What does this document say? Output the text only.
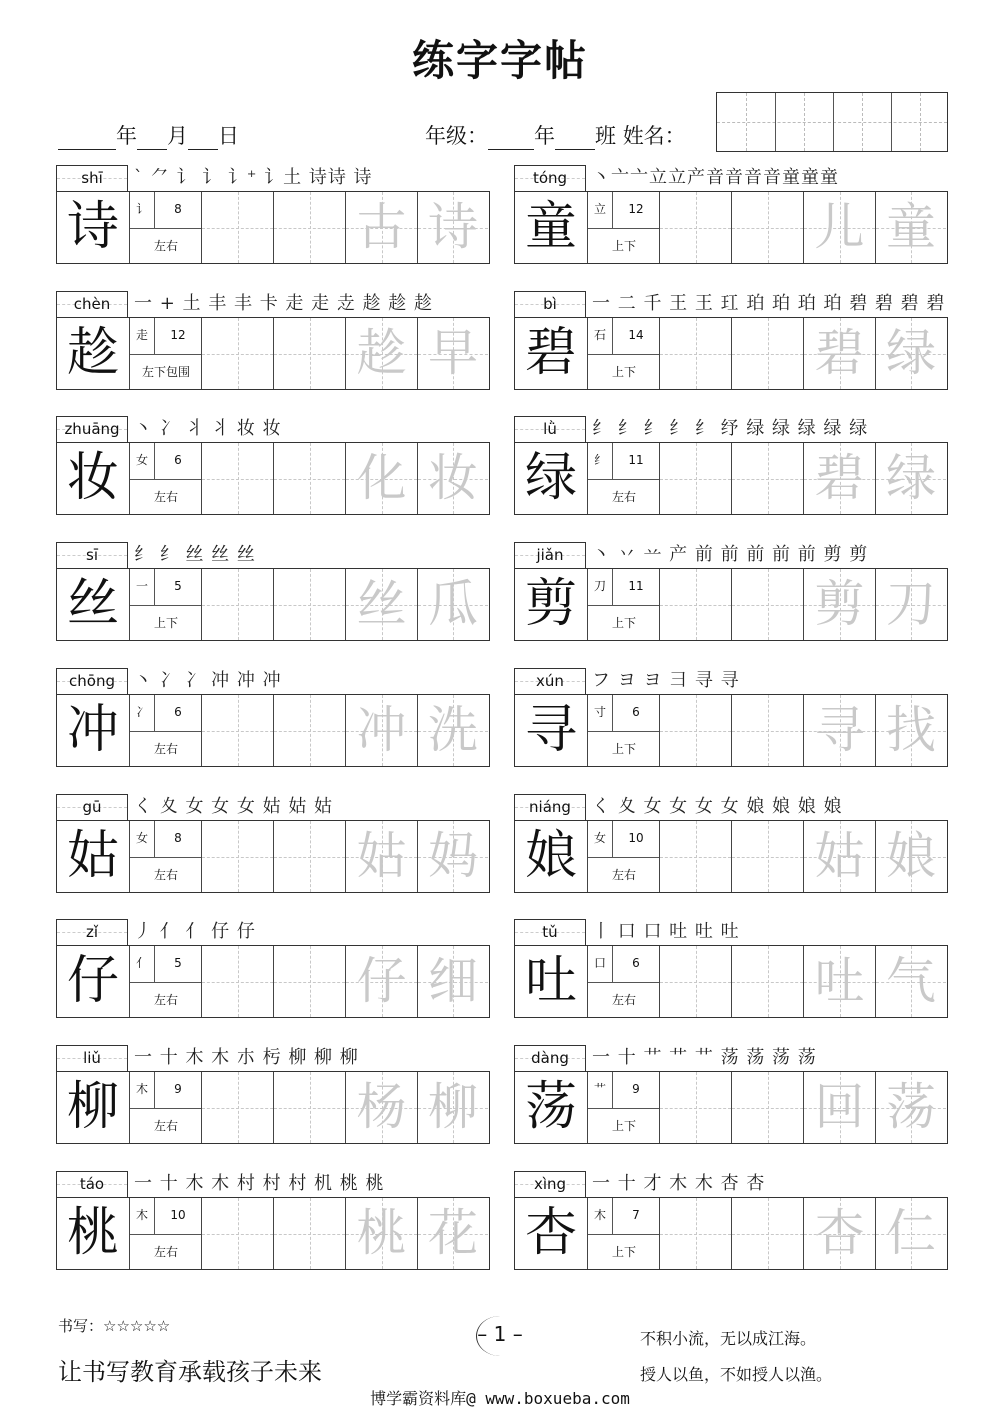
练字字帖
年 月 日	年级： 年 班 姓名：
shī	` ⺈ 讠 讠 讠⁺ 讠土 诗诗 诗
诗	讠	8
左右	古 诗
tóng	丶亠亠立立产音音音音童童童
童	立	12
上下	儿 童
chèn	一 + 土 丰 丰 卡 走 走 赱 趁 趁 趁
趁	走	12
左下包围	趁 早
bì	一 二 千 王 王 玒 珀 珀 珀 珀 碧 碧 碧 碧
碧	石	14
上下	碧 绿
zhuāng 丶 冫 丬 丬 妆 妆
妆	女	6
左右	化 妆
lǜ	纟 纟 纟 纟 纟 纾 绿 绿 绿 绿 绿
绿	纟	11
左右	碧 绿
sī	纟 纟 丝 丝 丝
丝	一	5
上下	丝 瓜
jiǎn	丶 丷 䒑 产 前 前 前 前 前 剪 剪
剪	刀	11
上下	剪 刀
chōng	丶 冫 冫 冲 冲 冲
冲	冫	6
左右	冲 洗
xún	フ ヨ ヨ 彐 寻 寻
寻	寸	6
上下	寻 找
gū	く 夊 女 女 女 姑 姑 姑
姑	女	8
左右	姑 妈
niáng	く 夊 女 女 女 女 娘 娘 娘 娘
娘	女	10
左右	姑 娘
zǐ	丿 亻 亻 仔 仔
仔	亻	5
左右	仔 细
tǔ	丨 口 口 吐 吐 吐
吐	口	6
左右	吐 气
liǔ	一 十 木 木 朩 杇 柳 柳 柳
柳	木	9
左右	杨 柳
dàng	一 十 艹 艹 艹 荡 荡 荡 荡
荡	艹	9
上下	回 荡
táo	一 十 木 木 村 村 村 机 桃 桃
桃	木	10
左右	桃 花
xìng	一 十 才 木 木 杏 杏
杏	木	7
上下	杏 仁
书写：☆☆☆☆☆
让书写教育承载孩子未来
– 1 –	不积小流，无以成江海。
授人以鱼，不如授人以渔。
博学霸资料库@ www.boxueba.com
